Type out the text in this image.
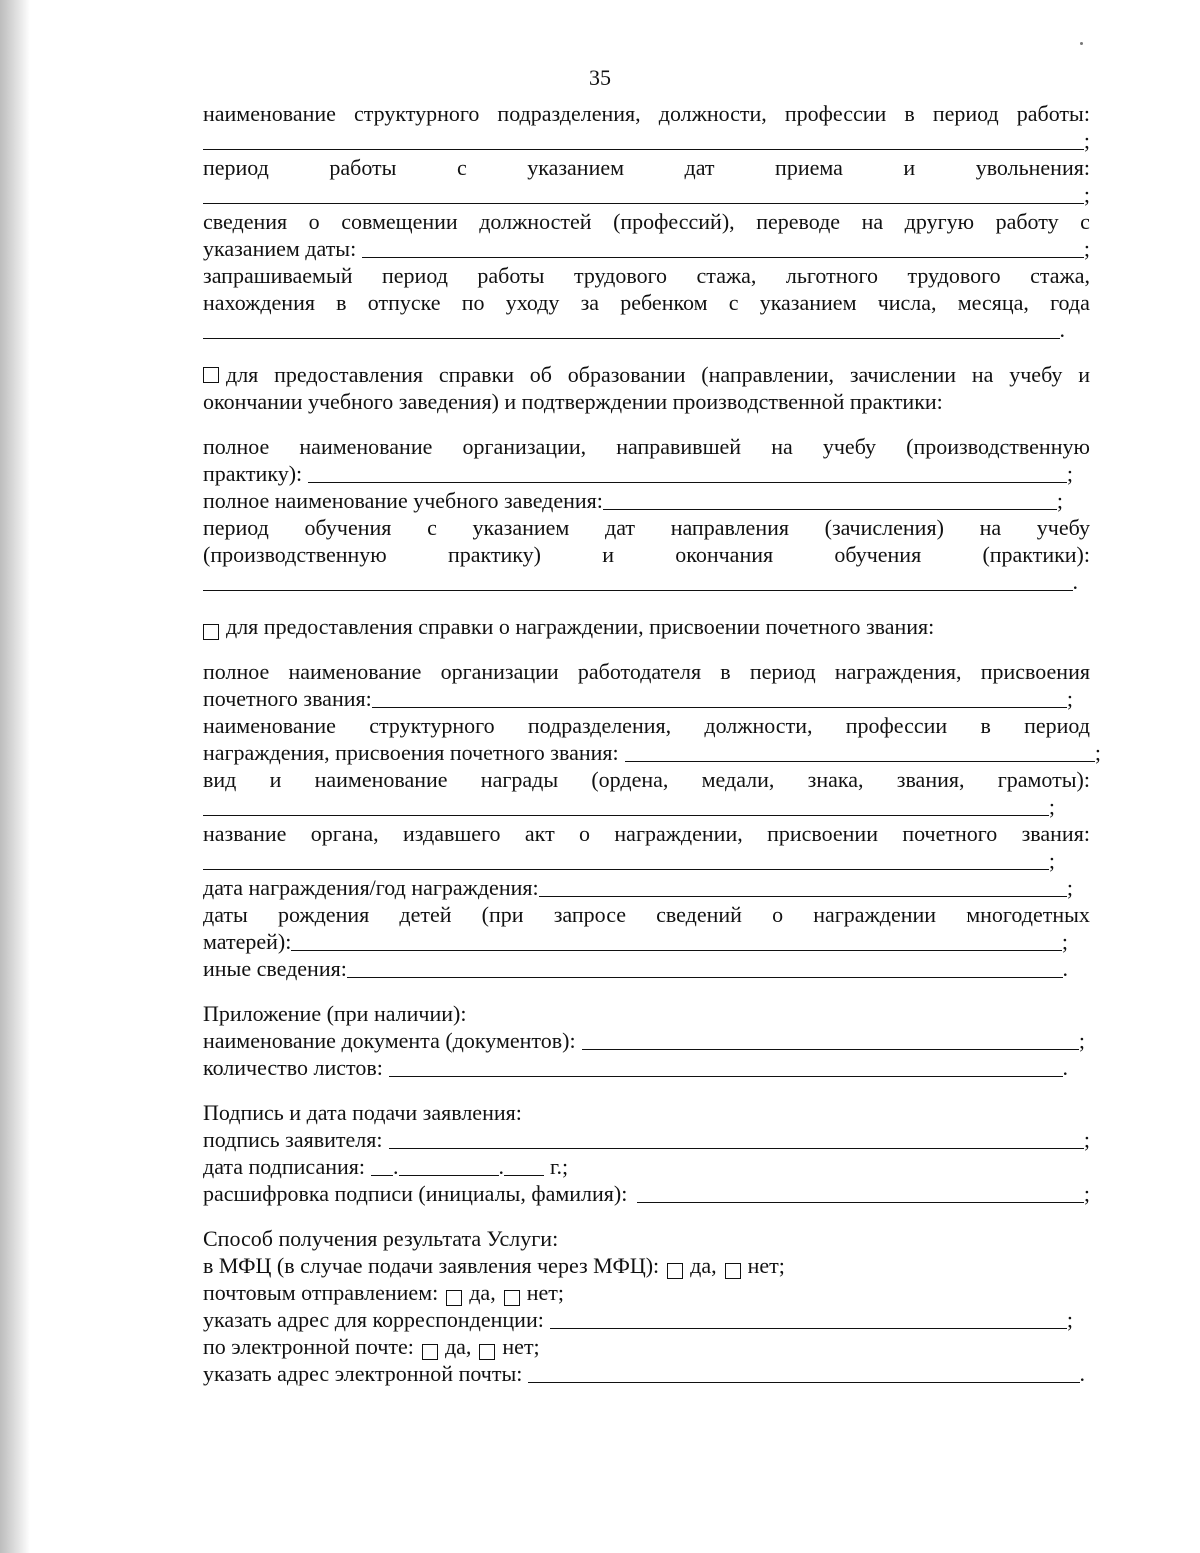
35
наименование структурного подразделения, должности, профессии в период работы:
;
период	работы	с	указанием	дат	приема	и	увольнения:
;
сведения о совмещении должностей (профессий), переводе на другую работу с
указанием даты:	;
запрашиваемый период работы трудового стажа, льготного трудового стажа,
нахождения в отпуске по уходу за ребенком с указанием числа, месяца, года
.
для предоставления справки об образовании (направлении, зачислении на учебу и
окончании учебного заведения) и подтверждении производственной практики:
полное наименование организации, направившей на учебу (производственную
практику):	;
полное наименование учебного заведения:	;
период обучения с указанием дат направления (зачисления) на учебу
(производственную	практику)	и	окончания	обучения	(практики):
.
для предоставления справки о награждении, присвоении почетного звания:
полное наименование организации работодателя в период награждения, присвоения
почетного звания:	;
наименование структурного подразделения, должности, профессии в период
награждения, присвоения почетного звания:	;
вид и наименование награды (ордена, медали, знака, звания, грамоты):
;
название органа, издавшего акт о награждении, присвоении почетного звания:
;
дата награждения/год награждения:	;
даты рождения детей (при запросе сведений о награждении многодетных
матерей):	;
иные сведения:	.
Приложение (при наличии):
наименование документа (документов):	;
количество листов:	.
Подпись и дата подачи заявления:
подпись заявителя:	;
дата подписания: .	. г.;
расшифровка подписи (инициалы, фамилия):	;
Способ получения результата Услуги:
в МФЦ (в случае подачи заявления через МФЦ): да, нет;
почтовым отправлением: да, нет;
указать адрес для корреспонденции:	;
по электронной почте: да, нет;
указать адрес электронной почты:	.
